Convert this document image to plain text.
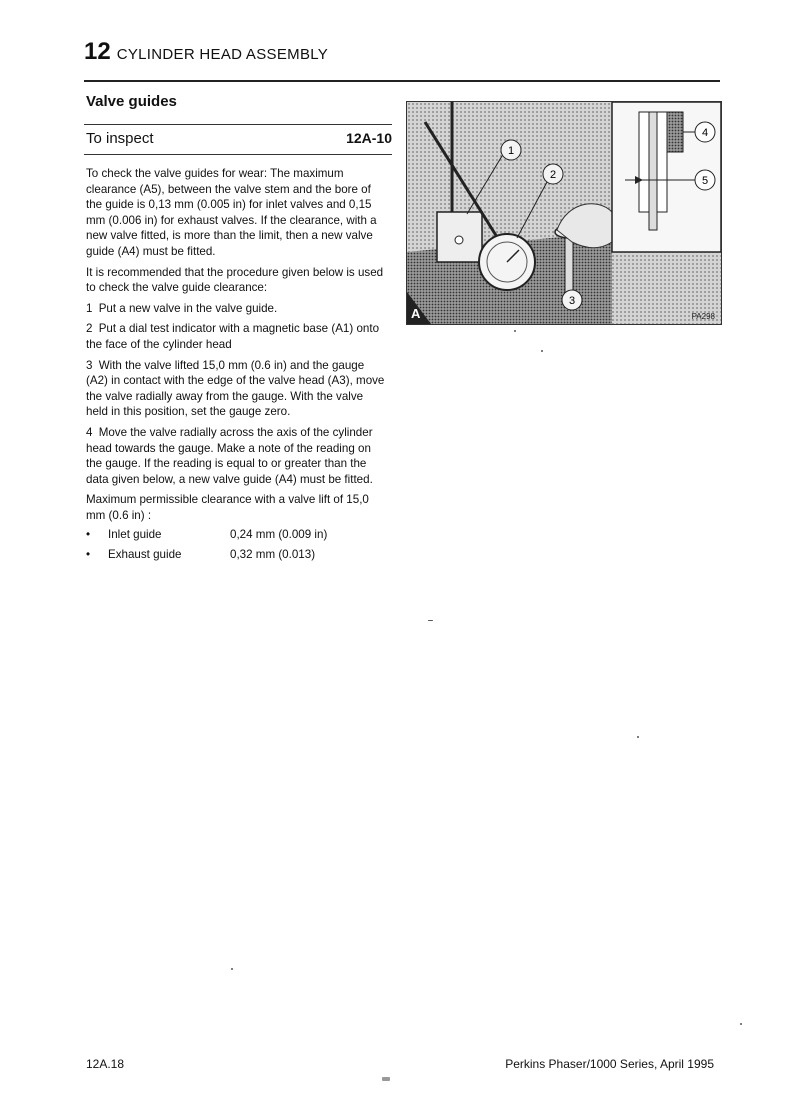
12 CYLINDER HEAD ASSEMBLY
Valve guides
To inspect	12A-10

To check the valve guides for wear: The maximum clearance (A5), between the valve stem and the bore of the guide is 0,13 mm (0.005 in) for inlet valves and 0,15 mm (0.006 in) for exhaust valves. If the clearance, with a new valve fitted, is more than the limit, then a new valve guide (A4) must be fitted.

It is recommended that the procedure given below is used to check the valve guide clearance:

1 Put a new valve in the valve guide.

2 Put a dial test indicator with a magnetic base (A1) onto the face of the cylinder head

3 With the valve lifted 15,0 mm (0.6 in) and the gauge (A2) in contact with the edge of the valve head (A3), move the valve radially away from the gauge. With the valve held in this position, set the gauge zero.

4 Move the valve radially across the axis of the cylinder head towards the gauge. Make a note of the reading on the gauge. If the reading is equal to or greater than the data given below, a new valve guide (A4) must be fitted.

Maximum permissible clearance with a valve lift of 15,0 mm (0.6 in) :

•	Inlet guide	0,24 mm (0.009 in)
•	Exhaust guide	0,32 mm (0.013)
1
2
3
4
5
A	PA298
12A.18	Perkins Phaser/1000 Series, April 1995
